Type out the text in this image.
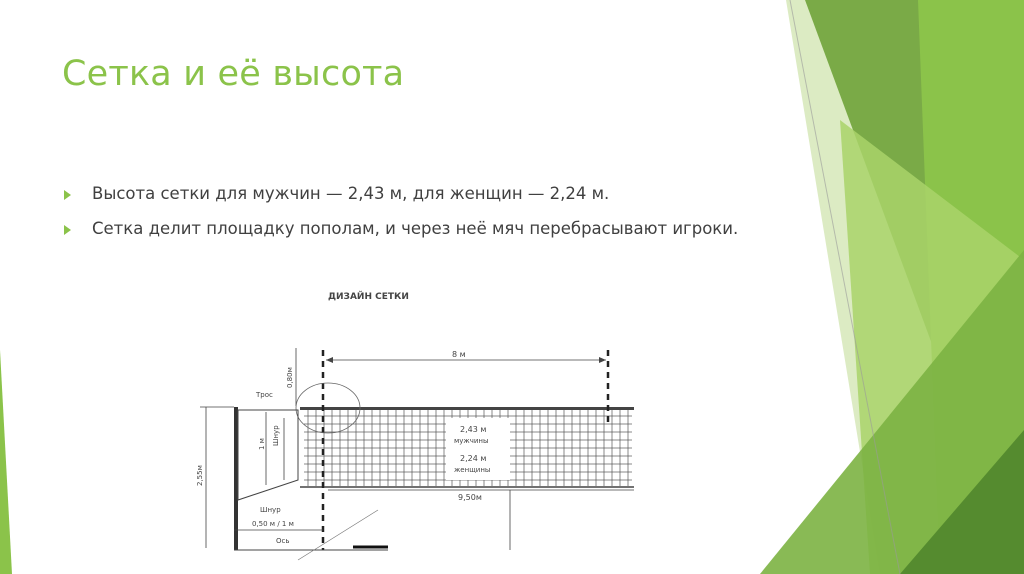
Сетка и её высота
Высота сетки для мужчин — 2,43 м, для женщин — 2,24 м.
Сетка делит площадку пополам, и через неё мяч перебрасывают игроки.
ДИЗАЙН СЕТКИ
2,43 м
мужчины
2,24 м
женщины
8 м
0,80м
Трос
Шнур
Шнур
1 м
2,55м
9,50м
0,50 м / 1 м
Ось
